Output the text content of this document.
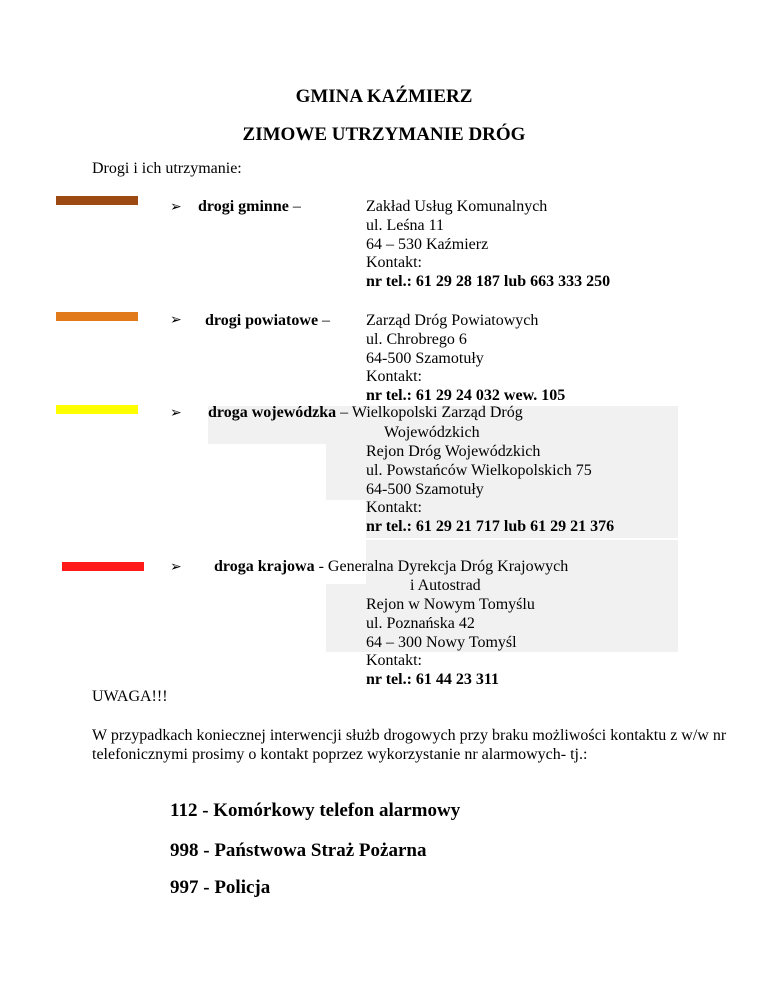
GMINA KAŹMIERZ
ZIMOWE UTRZYMANIE DRÓG
Drogi i ich utrzymanie:
➢ drogi gminne –	Zakład Usług Komunalnych
ul. Leśna 11
64 – 530 Kaźmierz
Kontakt:
nr tel.: 61 29 28 187 lub 663 333 250
➢ drogi powiatowe – Zarząd Dróg Powiatowych
ul. Chrobrego 6
64-500 Szamotuły
Kontakt:
nr tel.: 61 29 24 032 wew. 105
➢ droga wojewódzka – Wielkopolski Zarząd Dróg
Wojewódzkich
Rejon Dróg Wojewódzkich
ul. Powstańców Wielkopolskich 75
64-500 Szamotuły
Kontakt:
nr tel.: 61 29 21 717 lub 61 29 21 376
➢ droga krajowa - Generalna Dyrekcja Dróg Krajowych
i Autostrad
Rejon w Nowym Tomyślu
ul. Poznańska 42
64 – 300 Nowy Tomyśl
Kontakt:
nr tel.: 61 44 23 311
UWAGA!!!
W przypadkach koniecznej interwencji służb drogowych przy braku możliwości kontaktu z w/w nr telefonicznymi prosimy o kontakt poprzez wykorzystanie nr alarmowych- tj.:
112 - Komórkowy telefon alarmowy
998 - Państwowa Straż Pożarna
997 - Policja
